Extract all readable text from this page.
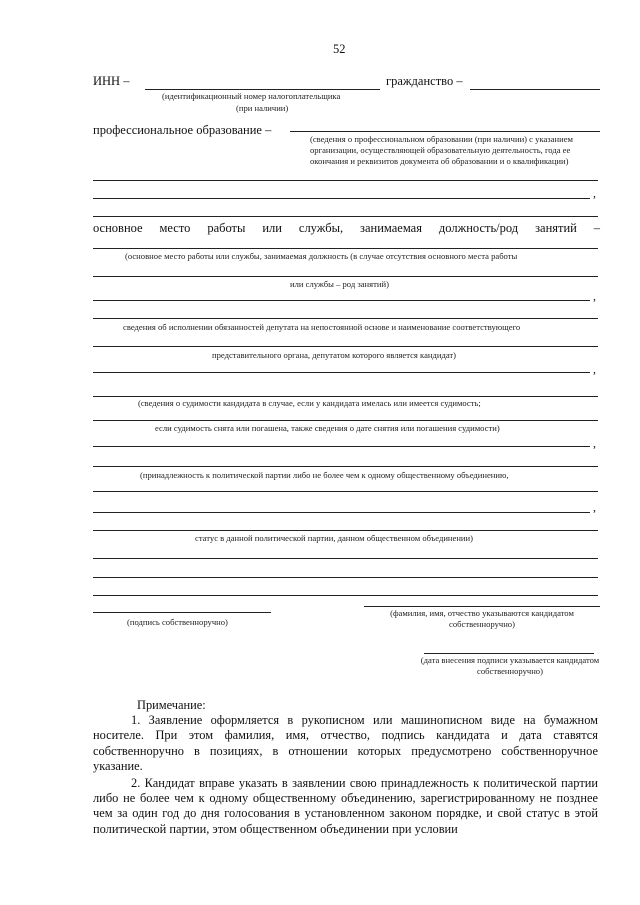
52
ИНН –
(идентификационный номер налогоплательщика
(при наличии)
гражданство –
профессиональное образование –
(сведения о профессиональном образовании (при наличии) с указанием
организации, осуществляющей образовательную деятельность, года ее
окончания и реквизитов документа об образовании и о квалификации)
,
основное место работы или службы, занимаемая должность/род занятий –
(основное место работы или службы, занимаемая должность (в случае отсутствия основного места работы
или службы – род занятий)
,
сведения об исполнении обязанностей депутата на непостоянной основе и наименование соответствующего
представительного органа, депутатом которого является кандидат)
,
(сведения о судимости кандидата в случае, если у кандидата имелась или имеется судимость;
если судимость снята или погашена, также сведения о дате снятия или погашения судимости)
,
(принадлежность к политической партии либо не более чем к одному общественному объединению,
,
статус в данной политической партии, данном общественном объединении)
(подпись собственноручно)
(фамилия, имя, отчество указываются кандидатом собственноручно)
(дата внесения подписи указывается кандидатом собственноручно)

Примечание:

1. Заявление оформляется в рукописном или машинописном виде на бумажном носителе. При этом фамилия, имя, отчество, подпись кандидата и дата ставятся собственноручно в позициях, в отношении которых предусмотрено собственноручное указание.

2. Кандидат вправе указать в заявлении свою принадлежность к политической партии либо не более чем к одному общественному объединению, зарегистрированному не позднее чем за один год до дня голосования в установленном законом порядке, и свой статус в этой политической партии, этом общественном объединении при условии
